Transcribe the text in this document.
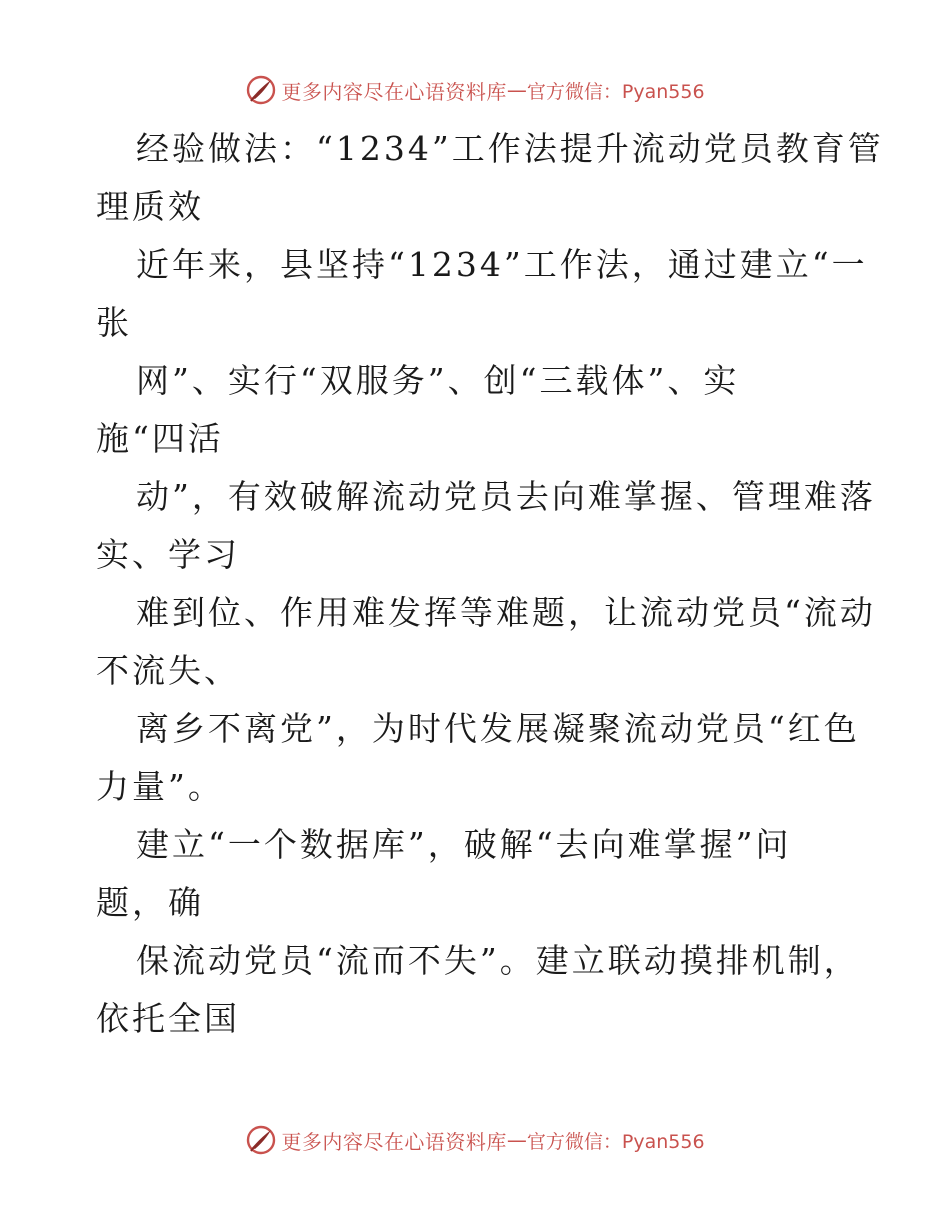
更多内容尽在心语资料库 — 官方微信：Pyan556
经验做法：“1234”工作法提升流动党员教育管
理质效
近年来，县坚持“1234”工作法，通过建立“一
张
网”、实行“双服务”、创“三载体”、实
施“四活
动”，有效破解流动党员去向难掌握、管理难落
实、学习
难到位、作用难发挥等难题，让流动党员“流动
不流失、
离乡不离党”，为时代发展凝聚流动党员“红色
力量”。
建立“一个数据库”，破解“去向难掌握”问
题，确
保流动党员“流而不失”。建立联动摸排机制，
依托全国
更多内容尽在心语资料库 — 官方微信：Pyan556
